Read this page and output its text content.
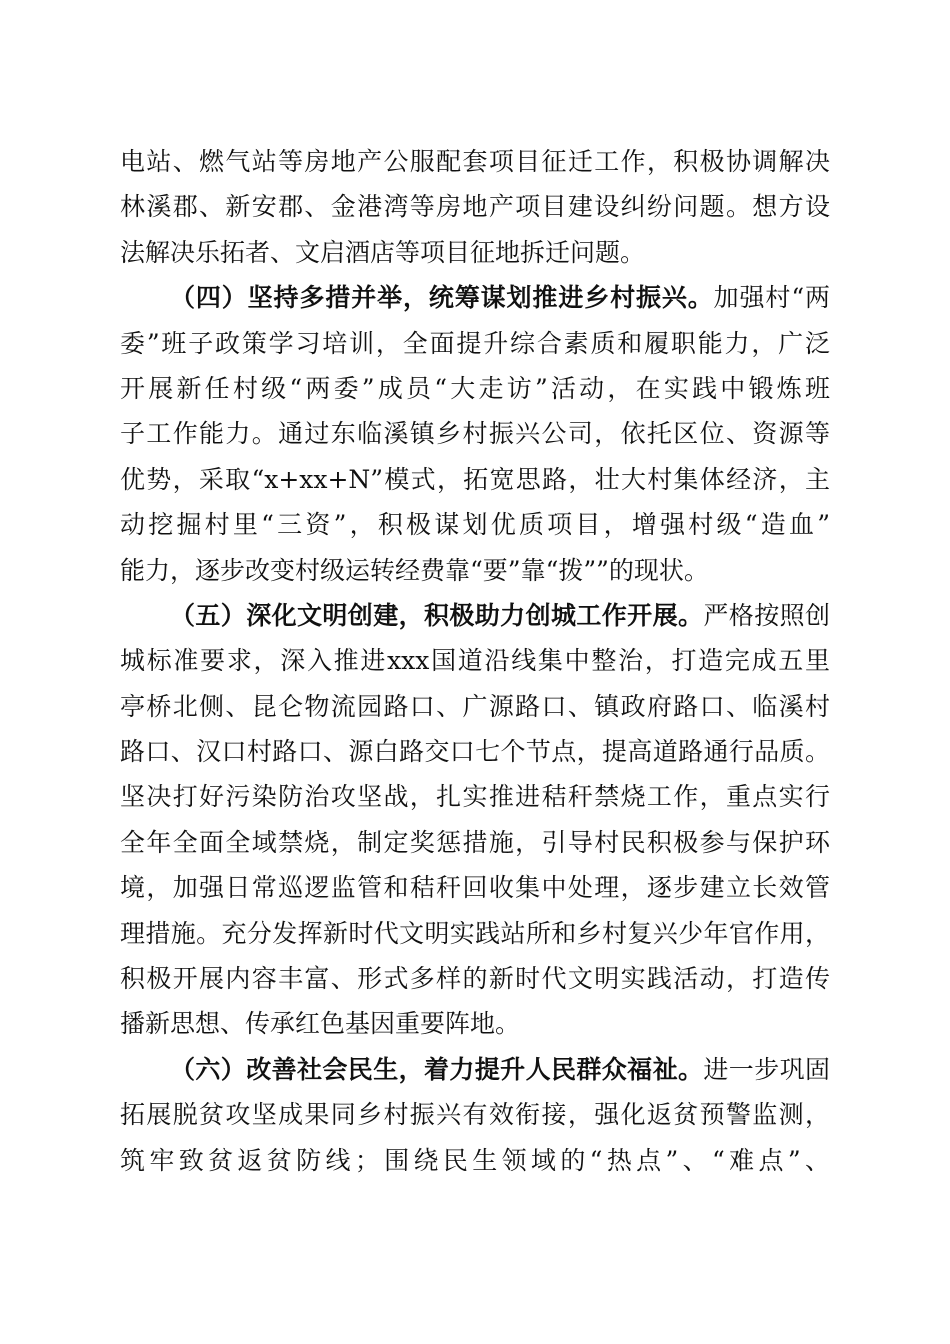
电站、燃气站等房地产公服配套项目征迁工作，积极协调解决
林溪郡、新安郡、金港湾等房地产项目建设纠纷问题。想方设
法解决乐拓者、文启酒店等项目征地拆迁问题。
（四）坚持多措并举，统筹谋划推进乡村振兴。加强村“两
委”班子政策学习培训，全面提升综合素质和履职能力，广泛
开展新任村级“两委”成员“大走访”活动，在实践中锻炼班
子工作能力。通过东临溪镇乡村振兴公司，依托区位、资源等
优势，采取“x+xx+N”模式，拓宽思路，壮大村集体经济，主
动挖掘村里“三资”，积极谋划优质项目，增强村级“造血”
能力，逐步改变村级运转经费靠“要”靠“拨””的现状。
（五）深化文明创建，积极助力创城工作开展。严格按照创
城标准要求，深入推进xxx国道沿线集中整治，打造完成五里
亭桥北侧、昆仑物流园路口、广源路口、镇政府路口、临溪村
路口、汉口村路口、源白路交口七个节点，提高道路通行品质。
坚决打好污染防治攻坚战，扎实推进秸秆禁烧工作，重点实行
全年全面全域禁烧，制定奖惩措施，引导村民积极参与保护环
境，加强日常巡逻监管和秸秆回收集中处理，逐步建立长效管
理措施。充分发挥新时代文明实践站所和乡村复兴少年官作用，
积极开展内容丰富、形式多样的新时代文明实践活动，打造传
播新思想、传承红色基因重要阵地。
（六）改善社会民生，着力提升人民群众福祉。进一步巩固
拓展脱贫攻坚成果同乡村振兴有效衔接，强化返贫预警监测，
筑牢致贫返贫防线；围绕民生领域的“热点”、“难点”、
